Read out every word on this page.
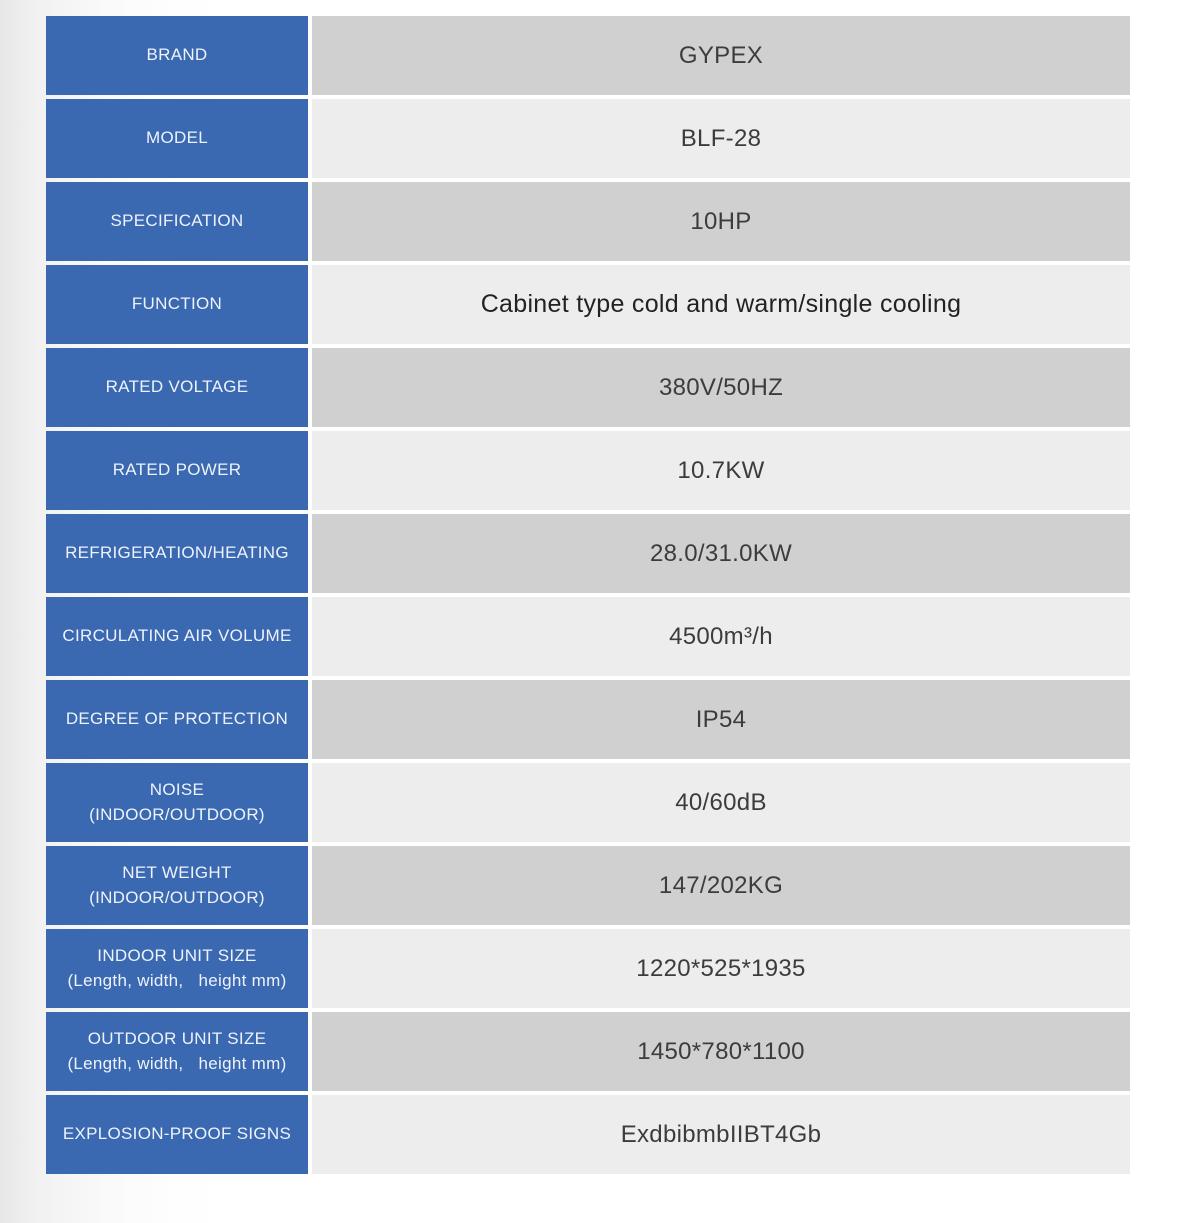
BRAND	GYPEX
MODEL	BLF-28
SPECIFICATION	10HP
FUNCTION	Cabinet type cold and warm/single cooling
RATED VOLTAGE	380V/50HZ
RATED POWER	10.7KW
REFRIGERATION/HEATING	28.0/31.0KW
CIRCULATING AIR VOLUME	4500m³/h
DEGREE OF PROTECTION	IP54
NOISE
(INDOOR/OUTDOOR)	40/60dB
NET WEIGHT
(INDOOR/OUTDOOR)	147/202KG
INDOOR UNIT SIZE
(Length, width,   height mm)	1220*525*1935
OUTDOOR UNIT SIZE
(Length, width,   height mm)	1450*780*1100
EXPLOSION-PROOF SIGNS	ExdbibmbIIBT4Gb
